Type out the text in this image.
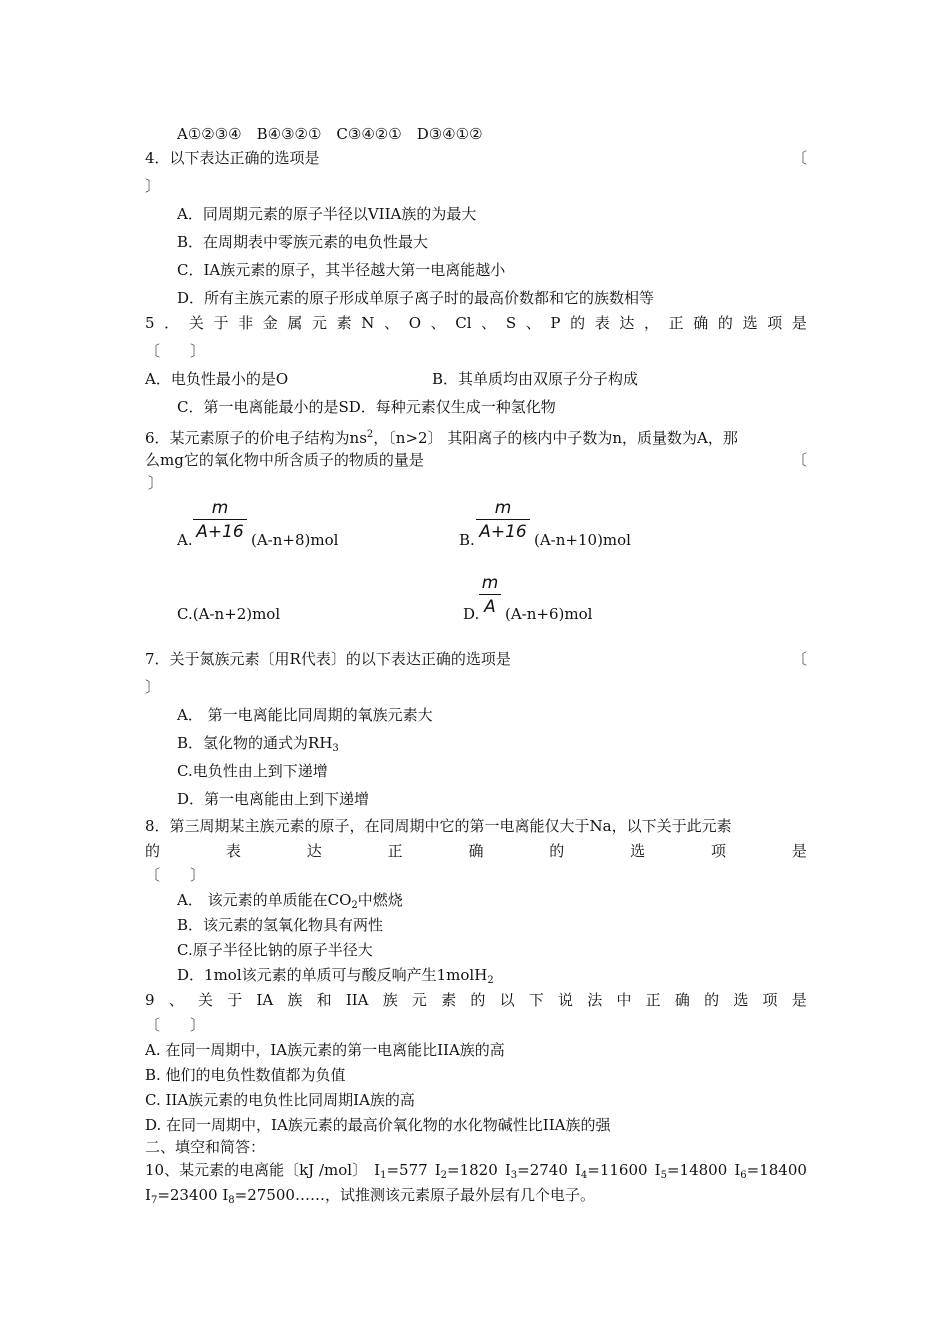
A①②③④　B④③②①　C③④②①　D③④①②
4．以下表达正确的选项是	〔
〕
A．同周期元素的原子半径以VIIA族的为最大
B．在周期表中零族元素的电负性最大
C．IA族元素的原子，其半径越大第一电离能越小
D．所有主族元素的原子形成单原子离子时的最高价数都和它的族数相等
5 ． 关 于 非 金 属 元 素 N 、 O 、 Cl 、 S 、 P 的 表 达 ， 正 确 的 选 项 是
〔　　〕
A．电负性最小的是O	B．其单质均由双原子分子构成
C．第一电离能最小的是SD．每种元素仅生成一种氢化物
6．某元素原子的价电子结构为$ns^2$，〔n>2〕 其阳离子的核内中子数为n，质量数为A，那
么mg它的氧化物中所含质子的物质的量是	〔
〕
A.
m
A+16 (A-n+8)mol	B.
m
A+16 (A-n+10)mol
C.(A-n+2)mol	D.
m
A (A-n+6)mol
7．关于氮族元素〔用R代表〕的以下表达正确的选项是	〔
〕
A． 第一电离能比同周期的氧族元素大
B．氢化物的通式为$RH_3$
C.电负性由上到下递增
D．第一电离能由上到下递增
8．第三周期某主族元素的原子，在同周期中它的第一电离能仅大于Na，以下关于此元素
的	表	达	正	确	的	选	项	是
〔　　〕
A． 该元素的单质能在$CO_2$中燃烧
B．该元素的氢氧化物具有两性
C.原子半径比钠的原子半径大
D．1mol该元素的单质可与酸反响产生1molH$_2$
9 、 关 于 IA 族 和 IIA 族 元 素 的 以 下 说 法 中 正 确 的 选 项 是
〔　　〕
A. 在同一周期中，IA族元素的第一电离能比IIA族的高
B. 他们的电负性数值都为负值
C. IIA族元素的电负性比同周期IA族的高
D. 在同一周期中，IA族元素的最高价氧化物的水化物碱性比IIA族的强
二、填空和简答：
10、某元素的电离能〔kJ /mol〕 $I_1=577$ $I_2=1820$ $I_3=2740$ $I_4=11600$ $I_5=14800$ $I_6=18400$
$I_7=23400$ $I_8=27500\dots\dots$，试推测该元素原子最外层有几个电子。
